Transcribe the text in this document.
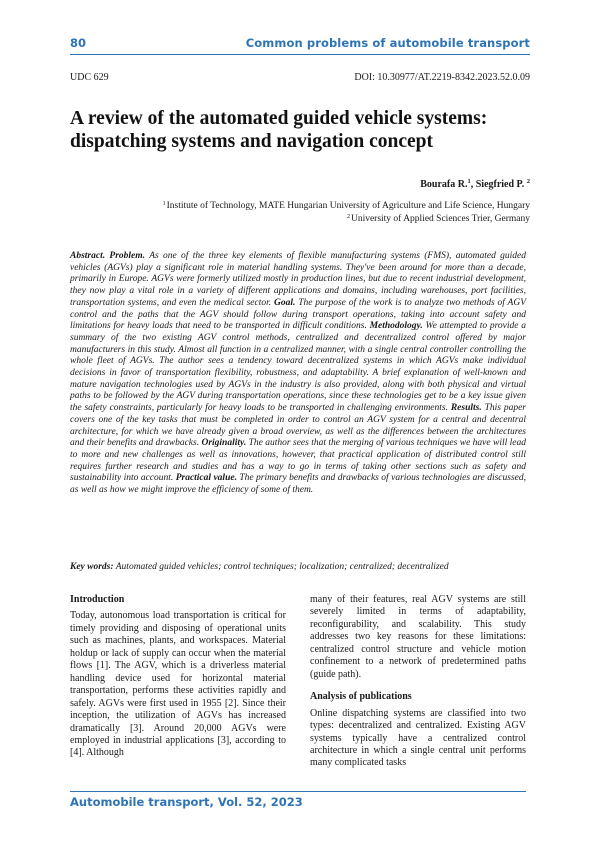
80	Common problems of automobile transport
UDC 629	DOI: 10.30977/AT.2219-8342.2023.52.0.09
A review of the automated guided vehicle systems: dispatching systems and navigation concept
Bourafa R.$^1$, Siegfried P. $^2$
$^1$Institute of Technology, MATE Hungarian University of Agriculture and Life Science, Hungary
$^2$University of Applied Sciences Trier, Germany
Abstract. Problem. As one of the three key elements of flexible manufacturing systems (FMS), automated guided vehicles (AGVs) play a significant role in material handling systems. They've been around for more than a decade, primarily in Europe. AGVs were formerly utilized mostly in production lines, but due to recent industrial development, they now play a vital role in a variety of different applications and domains, including warehouses, port facilities, transportation systems, and even the medical sector. Goal. The purpose of the work is to analyze two methods of AGV control and the paths that the AGV should follow during transport operations, taking into account safety and limitations for heavy loads that need to be transported in difficult conditions. Methodology. We attempted to provide a summary of the two existing AGV control methods, centralized and decentralized control offered by major manufacturers in this study. Almost all function in a centralized manner, with a single central controller controlling the whole fleet of AGVs. The author sees a tendency toward decentralized systems in which AGVs make individual decisions in favor of transportation flexibility, robustness, and adaptability. A brief explanation of well-known and mature navigation technologies used by AGVs in the industry is also provided, along with both physical and virtual paths to be followed by the AGV during transportation operations, since these technologies get to be a key issue given the safety constraints, particularly for heavy loads to be transported in challenging environments. Results. This paper covers one of the key tasks that must be completed in order to control an AGV system for a central and decentral architecture, for which we have already given a broad overview, as well as the differences between the architectures and their benefits and drawbacks. Originality. The author sees that the merging of various techniques we have will lead to more and new challenges as well as innovations, however, that practical application of distributed control still requires further research and studies and has a way to go in terms of taking other sections such as safety and sustainability into account. Practical value. The primary benefits and drawbacks of various technologies are discussed, as well as how we might improve the efficiency of some of them.
Key words: Automated guided vehicles; control techniques; localization; centralized; decentralized
Introduction

Today, autonomous load transportation is critical for timely providing and disposing of operational units such as machines, plants, and workspaces. Material holdup or lack of supply can occur when the material flows [1]. The AGV, which is a driverless material handling device used for horizontal material transportation, performs these activities rapidly and safely. AGVs were first used in 1955 [2]. Since their inception, the utilization of AGVs has increased dramatically [3]. Around 20,000 AGVs were employed in industrial applications [3], according to [4]. Although

many of their features, real AGV systems are still severely limited in terms of adaptability, reconfigurability, and scalability. This study addresses two key reasons for these limitations: centralized control structure and vehicle motion confinement to a network of predetermined paths (guide path).

Analysis of publications

Online dispatching systems are classified into two types: decentralized and centralized. Existing AGV systems typically have a centralized control architecture in which a single central unit performs many complicated tasks

Automobile transport, Vol. 52, 2023
